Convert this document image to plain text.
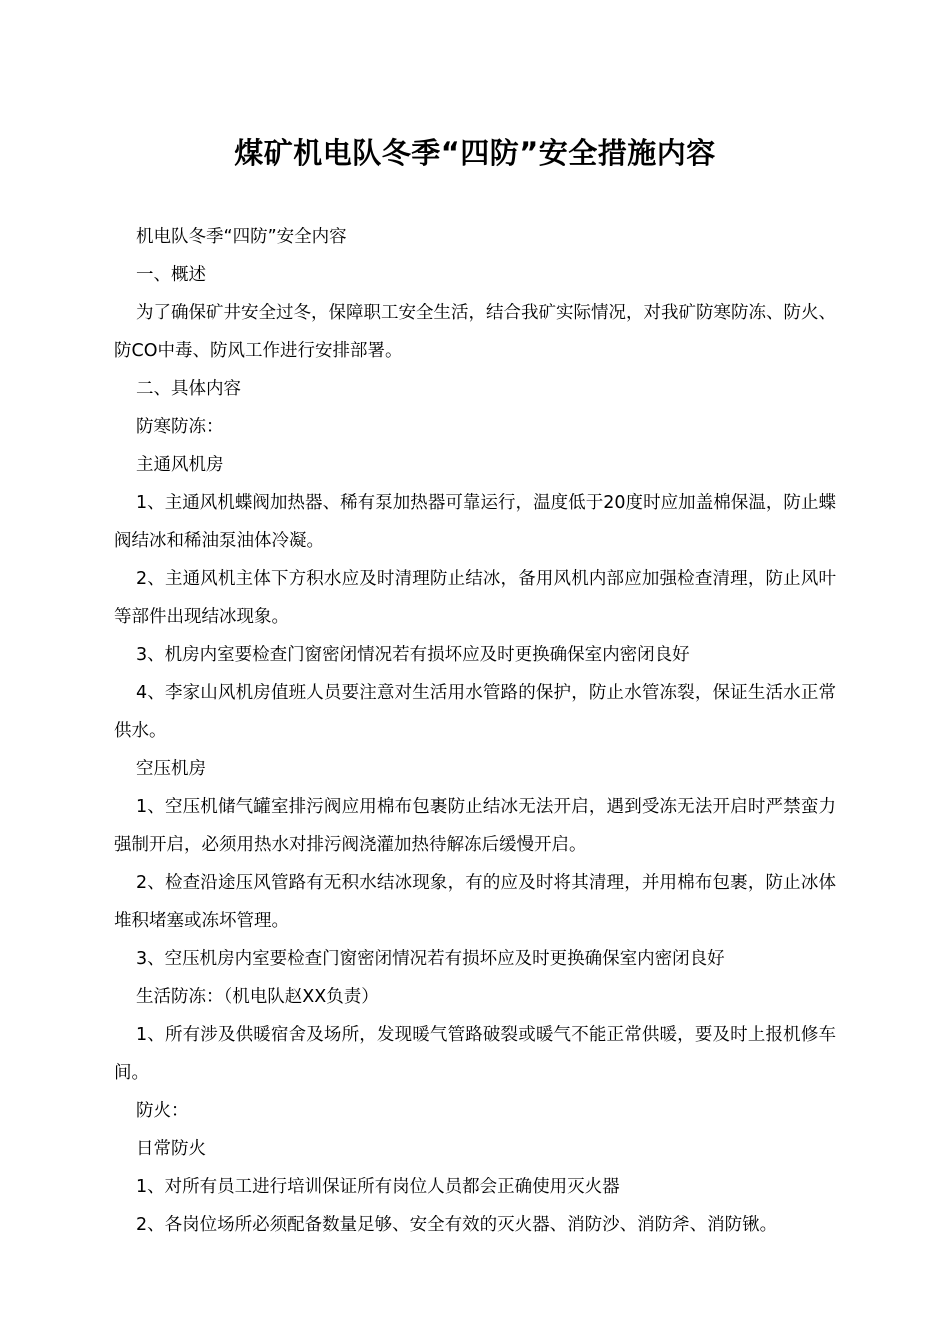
煤矿机电队冬季“四防”安全措施内容

机电队冬季“四防”安全内容

一、概述

为了确保矿井安全过冬，保障职工安全生活，结合我矿实际情况，对我矿防寒防冻、防火、防CO中毒、防风工作进行安排部署。

二、具体内容

防寒防冻：

主通风机房

1、主通风机蝶阀加热器、稀有泵加热器可靠运行，温度低于20度时应加盖棉保温，防止蝶阀结冰和稀油泵油体冷凝。

2、主通风机主体下方积水应及时清理防止结冰，备用风机内部应加强检查清理，防止风叶等部件出现结冰现象。

3、机房内室要检查门窗密闭情况若有损坏应及时更换确保室内密闭良好

4、李家山风机房值班人员要注意对生活用水管路的保护，防止水管冻裂，保证生活水正常供水。

空压机房

1、空压机储气罐室排污阀应用棉布包裹防止结冰无法开启，遇到受冻无法开启时严禁蛮力强制开启，必须用热水对排污阀浇灌加热待解冻后缓慢开启。

2、检查沿途压风管路有无积水结冰现象，有的应及时将其清理，并用棉布包裹，防止冰体堆积堵塞或冻坏管理。

3、空压机房内室要检查门窗密闭情况若有损坏应及时更换确保室内密闭良好

生活防冻：（机电队赵XX负责）

1、所有涉及供暖宿舍及场所，发现暖气管路破裂或暖气不能正常供暖，要及时上报机修车间。

防火：

日常防火

1、对所有员工进行培训保证所有岗位人员都会正确使用灭火器

2、各岗位场所必须配备数量足够、安全有效的灭火器、消防沙、消防斧、消防锹。
